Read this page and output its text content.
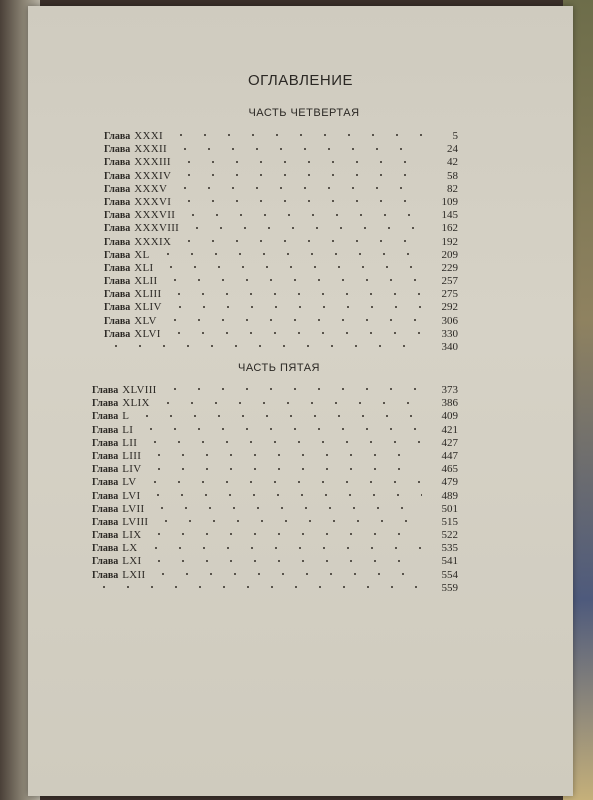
ОГЛАВЛЕНИЕ
ЧАСТЬ ЧЕТВЕРТАЯ
Глава XXXI	5
Глава XXXII	24
Глава XXXIII	42
Глава XXXIV	58
Глава XXXV	82
Глава XXXVI	109
Глава XXXVII	145
Глава XXXVIII	162
Глава XXXIX	192
Глава XL	209
Глава XLI	229
Глава XLII	257
Глава XLIII	275
Глава XLIV	292
Глава XLV	306
Глава XLVI	330
340
ЧАСТЬ ПЯТАЯ
Глава XLVIII	373
Глава XLIX	386
Глава L	409
Глава LI	421
Глава LII	427
Глава LIII	447
Глава LIV	465
Глава LV	479
Глава LVI	489
Глава LVII	501
Глава LVIII	515
Глава LIX	522
Глава LX	535
Глава LXI	541
Глава LXII	554
559
